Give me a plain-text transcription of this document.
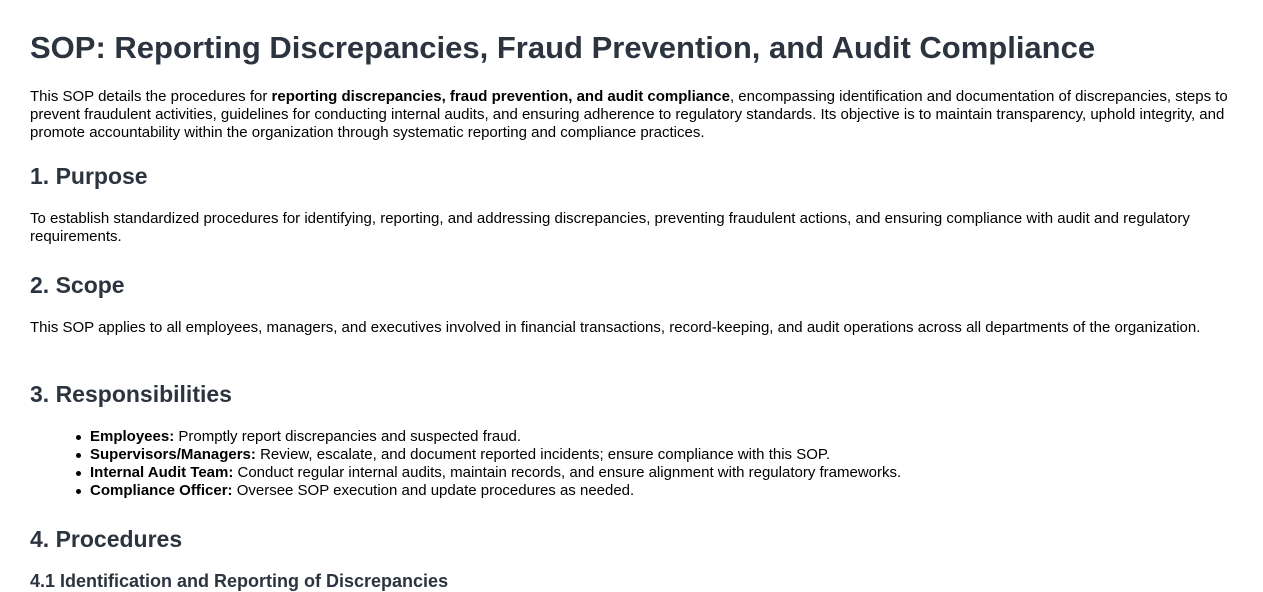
SOP: Reporting Discrepancies, Fraud Prevention, and Audit Compliance

This SOP details the procedures for reporting discrepancies, fraud prevention, and audit compliance, encompassing identification and documentation of discrepancies, steps to prevent fraudulent activities, guidelines for conducting internal audits, and ensuring adherence to regulatory standards. Its objective is to maintain transparency, uphold integrity, and promote accountability within the organization through systematic reporting and compliance practices.

1. Purpose

To establish standardized procedures for identifying, reporting, and addressing discrepancies, preventing fraudulent actions, and ensuring compliance with audit and regulatory requirements.

2. Scope

This SOP applies to all employees, managers, and executives involved in financial transactions, record-keeping, and audit operations across all departments of the organization.

3. Responsibilities
Employees: Promptly report discrepancies and suspected fraud.
Supervisors/Managers: Review, escalate, and document reported incidents; ensure compliance with this SOP.
Internal Audit Team: Conduct regular internal audits, maintain records, and ensure alignment with regulatory frameworks.
Compliance Officer: Oversee SOP execution and update procedures as needed.
4. Procedures
4.1 Identification and Reporting of Discrepancies
